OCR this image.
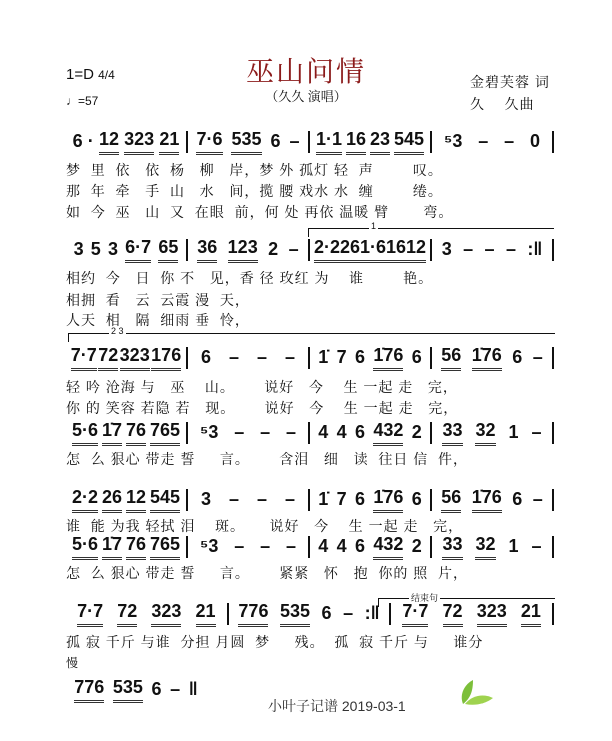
巫山问情
（久久 演唱）
1=D 4/4
♩=57
金碧芙蓉 词
久    久曲
1
2 3
结束句
6 · 12 323 21 7·6 535 6 – 1·1 16 23 545 ⁵3 – – 0
梦  里  依   依  杨   柳   岸，梦 外 孤灯 轻  声        叹。
那  年  牵   手  山   水   间，揽 腰 戏水 水  缠        绻。
如  今  巫   山  又  在眼  前，何 处 再依 温暖 臂       弯。
3 5 3 6·7 65 36 123 2 – 2·2 26 1·6 1612 3 – – – :‖
相约  今   日  你 不   见，香 径 玫红 为    谁        艳。
相拥  看   云  云霞 漫  天，
人天  相   隔  细雨 垂  怜，
7·7 72 323 176 6 – – – 1̇ 7 6 1̇76 6 56 1̇76 6 –
轻 吟 沧海 与   巫    山。      说好   今    生 一起 走   完，
你 的 笑容 若隐 若   现。      说好   今    生 一起 走   完，
5·6 1̇7 76 765 ⁵3 – – – 4 4 6 432 2 33 32 1 –
怎  么 狠心 带走 誓     言。      含泪   细   读  往日 信  件，
2·2 26 12 545 3 – – – 1̇ 7 6 1̇76 6 56 1̇76 6 –
谁  能 为我 轻拭 泪    斑。     说好   今    生 一起 走   完，
5·6 1̇7 76 765 ⁵3 – – – 4 4 6 432 2 33 32 1 –
怎  么 狠心 带走 誓     言。      紧紧   怀   抱  你的 照  片，
7·7 72 323 21 776 535 6 – :‖ 7·7 72 323 21
孤 寂 千斤 与谁  分担 月圆  梦     残。  孤  寂 千斤 与     谁分
776 535 6 – ‖
慢
小叶子记谱 2019-03-1
